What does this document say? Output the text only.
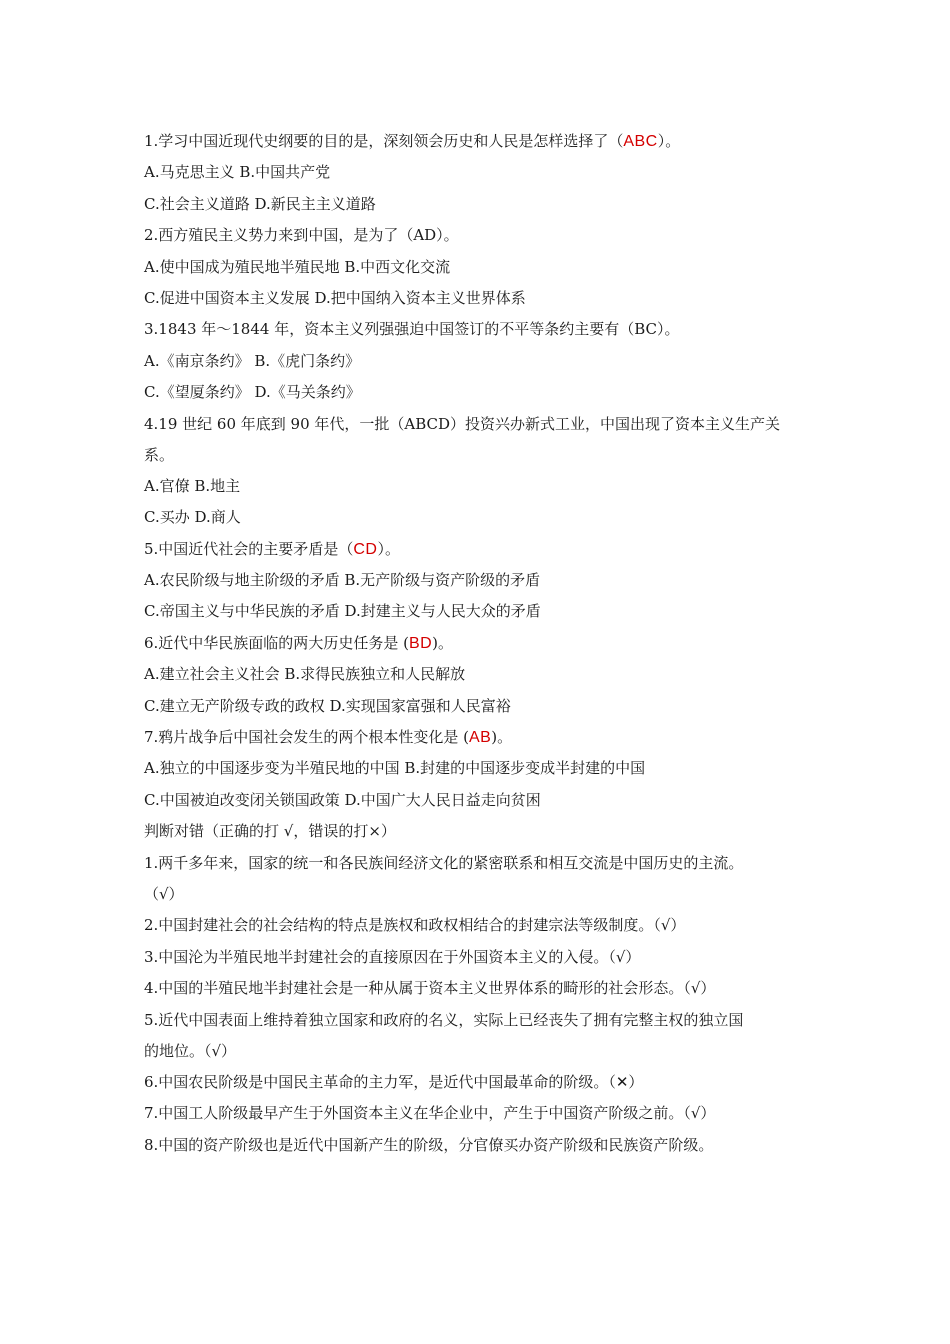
1.学习中国近现代史纲要的目的是，深刻领会历史和人民是怎样选择了（ABC）。
A.马克思主义 B.中国共产党
C.社会主义道路 D.新民主主义道路
2.西方殖民主义势力来到中国，是为了（AD）。
A.使中国成为殖民地半殖民地 B.中西文化交流
C.促进中国资本主义发展 D.把中国纳入资本主义世界体系
3.1843 年～1844 年，资本主义列强强迫中国签订的不平等条约主要有（BC）。
A.《南京条约》 B.《虎门条约》
C.《望厦条约》 D.《马关条约》
4.19 世纪 60 年底到 90 年代，一批（ABCD）投资兴办新式工业，中国出现了资本主义生产关
系。
A.官僚 B.地主
C.买办 D.商人
5.中国近代社会的主要矛盾是（CD）。
A.农民阶级与地主阶级的矛盾 B.无产阶级与资产阶级的矛盾
C.帝国主义与中华民族的矛盾 D.封建主义与人民大众的矛盾
6.近代中华民族面临的两大历史任务是 (BD)。
A.建立社会主义社会 B.求得民族独立和人民解放
C.建立无产阶级专政的政权 D.实现国家富强和人民富裕
7.鸦片战争后中国社会发生的两个根本性变化是 (AB)。
A.独立的中国逐步变为半殖民地的中国 B.封建的中国逐步变成半封建的中国
C.中国被迫改变闭关锁国政策 D.中国广大人民日益走向贫困
判断对错（正确的打 √，错误的打×）
1.两千多年来，国家的统一和各民族间经济文化的紧密联系和相互交流是中国历史的主流。
（√）
2.中国封建社会的社会结构的特点是族权和政权相结合的封建宗法等级制度。（√）
3.中国沦为半殖民地半封建社会的直接原因在于外国资本主义的入侵。（√）
4.中国的半殖民地半封建社会是一种从属于资本主义世界体系的畸形的社会形态。（√）
5.近代中国表面上维持着独立国家和政府的名义，实际上已经丧失了拥有完整主权的独立国
的地位。（√）
6.中国农民阶级是中国民主革命的主力军，是近代中国最革命的阶级。（✕）
7.中国工人阶级最早产生于外国资本主义在华企业中，产生于中国资产阶级之前。（√）
8.中国的资产阶级也是近代中国新产生的阶级，分官僚买办资产阶级和民族资产阶级。
